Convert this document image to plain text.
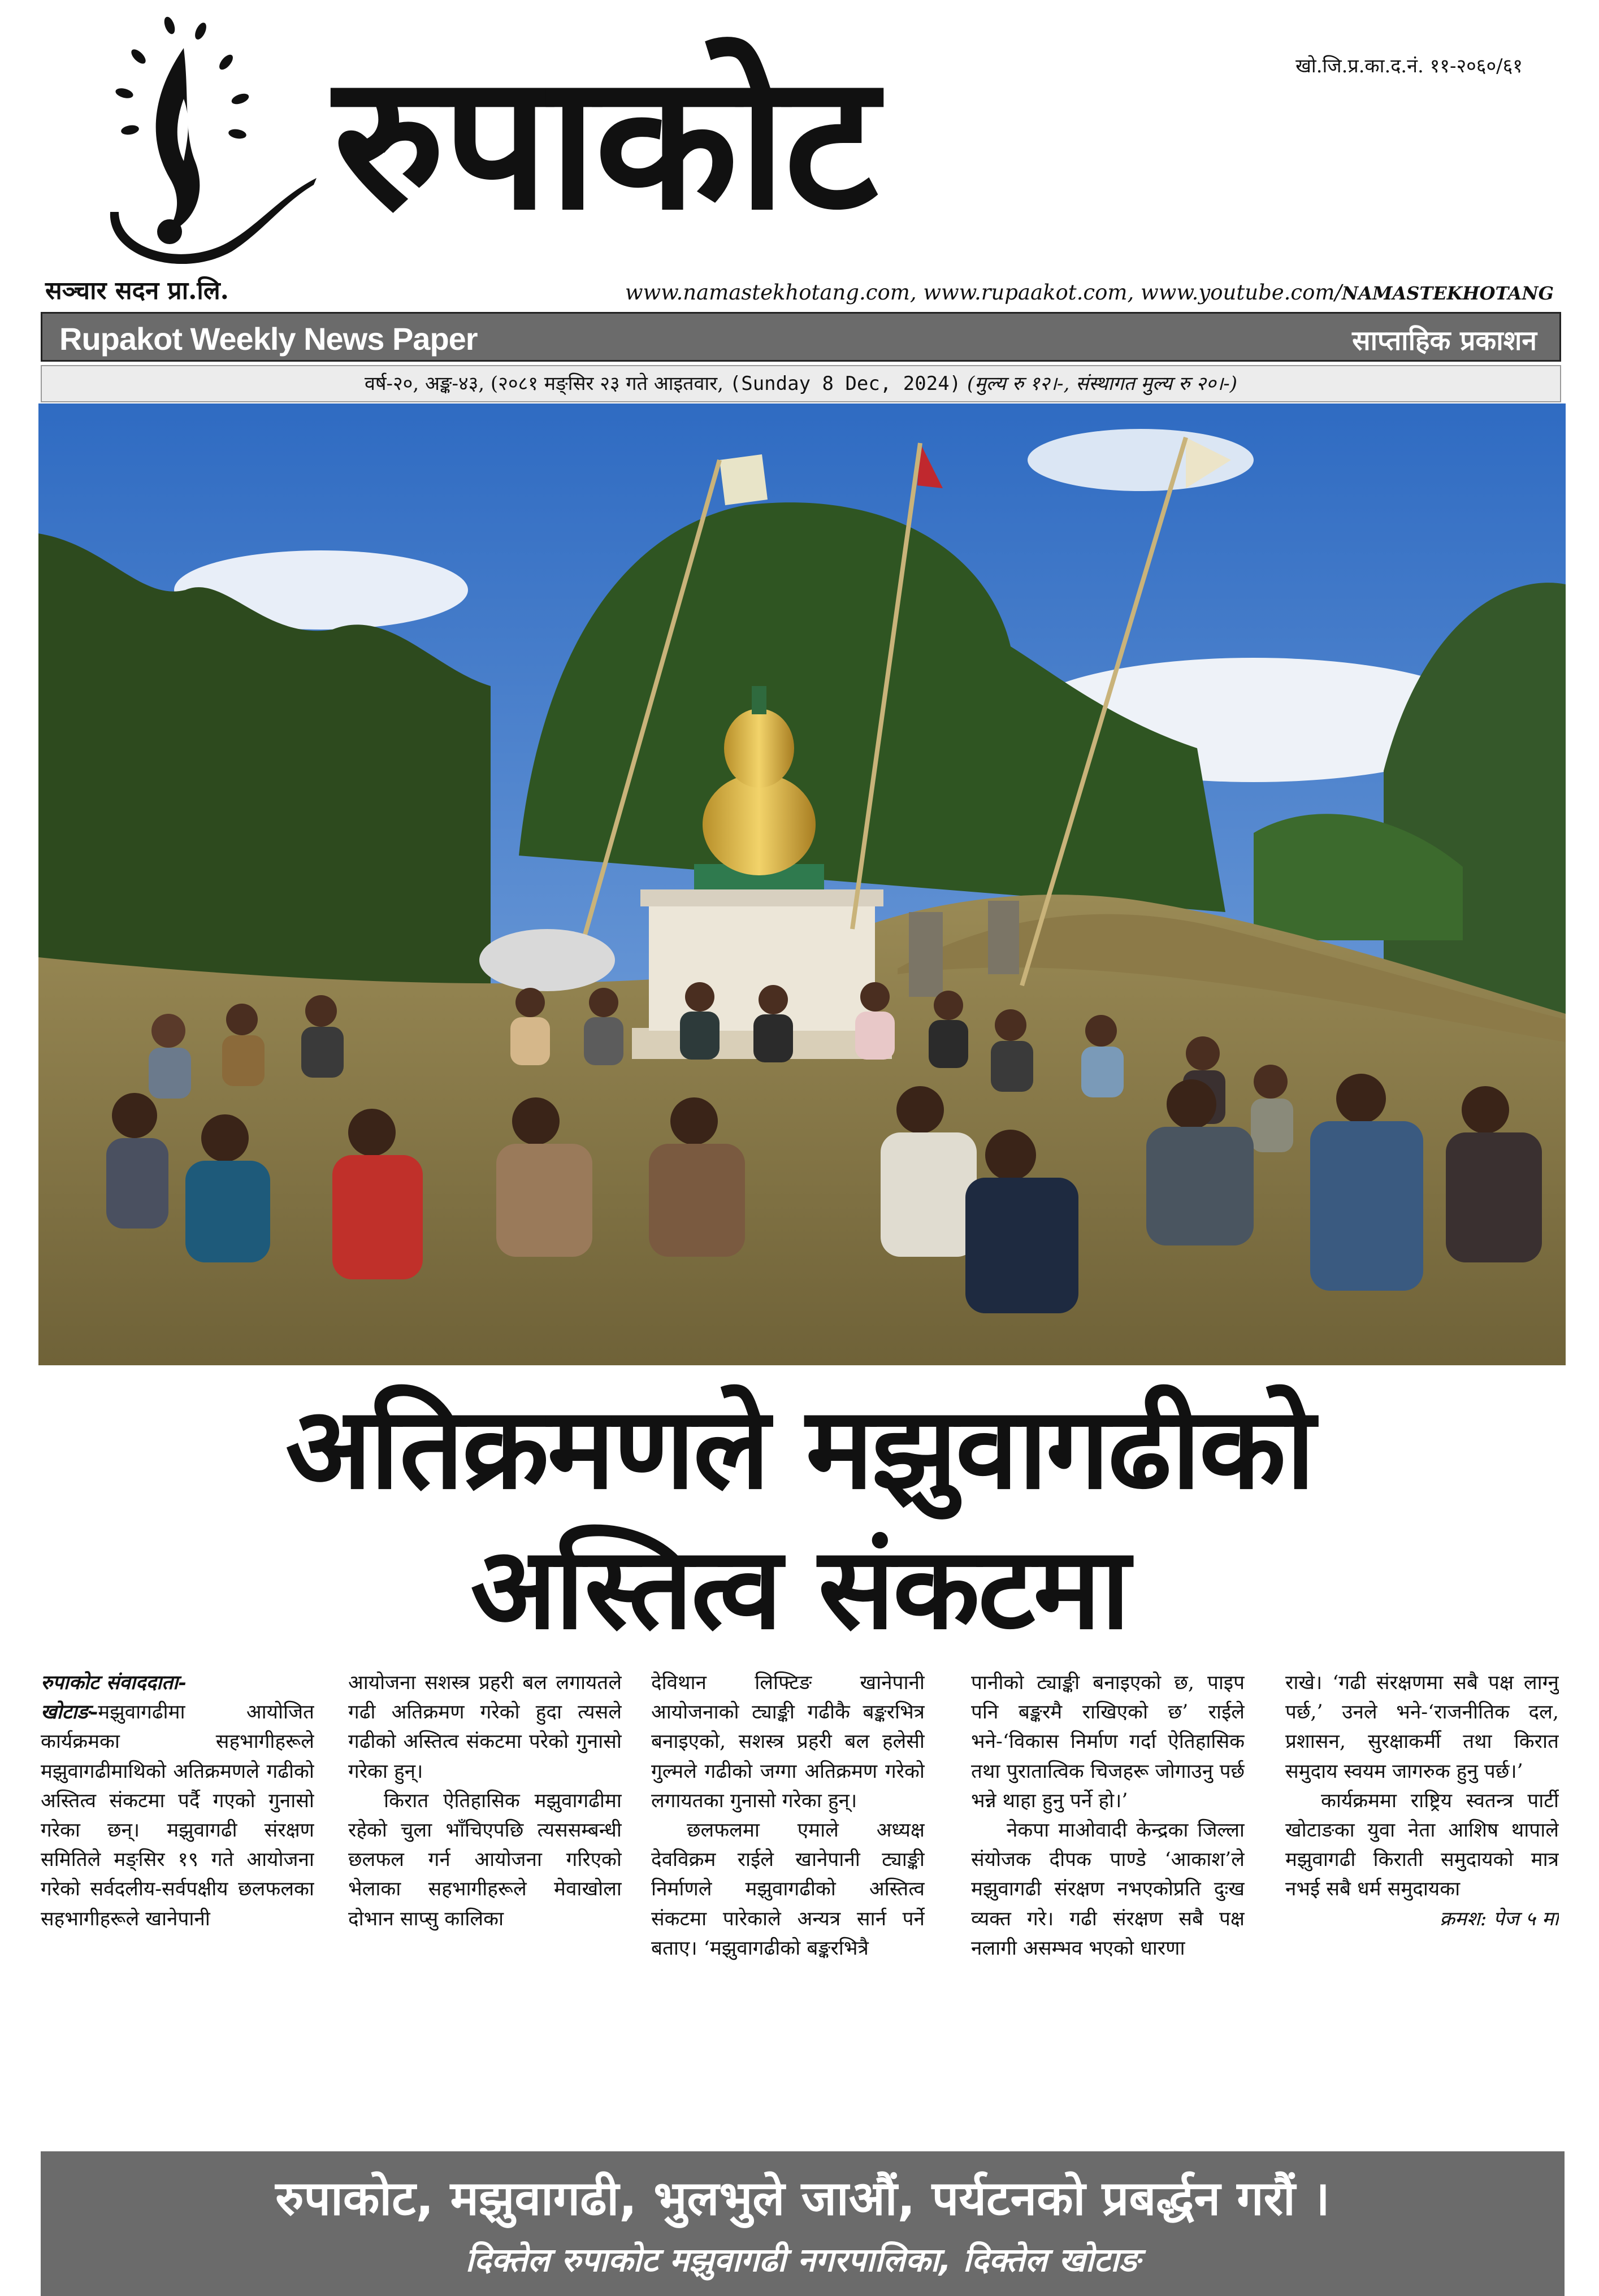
सञ्चार सदन प्रा.लि.
रुपाकोट	खो.जि.प्र.का.द.नं. ११-२०६०/६१
www.namastekhotang.com, www.rupaakot.com, www.youtube.com/NAMASTEKHOTANG
Rupakot Weekly News Paper	साप्ताहिक प्रकाशन
वर्ष-२०, अङ्क-४३, (२०८१ मङ्सिर २३ गते आइतवार, (Sunday 8 Dec, 2024) (मुल्य रु १२।-, संस्थागत मुल्य रु २०।-)
अतिक्रमणले मझुवागढीको
अस्तित्व संकटमा

रुपाकोट संवाददाता-
खोटाङ-मझुवागढीमा आयोजित कार्यक्रमका सहभागीहरूले मझुवागढीमाथिको अतिक्रमणले गढीको अस्तित्व संकटमा पर्दै गएको गुनासो गरेका छन्। मझुवागढी संरक्षण समितिले मङ्सिर १९ गते आयोजना गरेको सर्वदलीय-सर्वपक्षीय छलफलका सहभागीहरूले खानेपानी

आयोजना सशस्त्र प्रहरी बल लगायतले गढी अतिक्रमण गरेको हुदा त्यसले गढीको अस्तित्व संकटमा परेको गुनासो गरेका हुन्।

किरात ऐतिहासिक मझुवागढीमा रहेको चुला भाँचिएपछि त्यससम्बन्धी छलफल गर्न आयोजना गरिएको भेलाका सहभागीहरूले मेवाखोला दोभान साप्सु कालिका

देविथान लिफ्टिङ खानेपानी आयोजनाको ट्याङ्की गढीकै बङ्करभित्र बनाइएको, सशस्त्र प्रहरी बल हलेसी गुल्मले गढीको जग्गा अतिक्रमण गरेको लगायतका गुनासो गरेका हुन्।

छलफलमा एमाले अध्यक्ष देवविक्रम राईले खानेपानी ट्याङ्की निर्माणले मझुवागढीको अस्तित्व संकटमा पारेकाले अन्यत्र सार्न पर्ने बताए। ‘मझुवागढीको बङ्करभित्रै

पानीको ट्याङ्की बनाइएको छ, पाइप पनि बङ्करमै राखिएको छ’ राईले भने-‘विकास निर्माण गर्दा ऐतिहासिक तथा पुरातात्विक चिजहरू जोगाउनु पर्छ भन्ने थाहा हुनु पर्ने हो।’

नेकपा माओवादी केन्द्रका जिल्ला संयोजक दीपक पाण्डे ‘आकाश’ले मझुवागढी संरक्षण नभएकोप्रति दुःख व्यक्त गरे। गढी संरक्षण सबै पक्ष नलागी असम्भव भएको धारणा

राखे। ‘गढी संरक्षणमा सबै पक्ष लाग्नु पर्छ,’ उनले भने-‘राजनीतिक दल, प्रशासन, सुरक्षाकर्मी तथा किरात समुदाय स्वयम जागरुक हुनु पर्छ।’

कार्यक्रममा राष्ट्रिय स्वतन्त्र पार्टी खोटाङका युवा नेता आशिष थापाले मझुवागढी किराती समुदायको मात्र नभई सबै धर्म समुदायका

क्रमश: पेज ५ मा

रुपाकोट, मझुवागढी, भुलभुले जाऔं, पर्यटनको प्रबर्द्धन गरौं ।
दिक्तेल रुपाकोट मझुवागढी नगरपालिका, दिक्तेल खोटाङ
